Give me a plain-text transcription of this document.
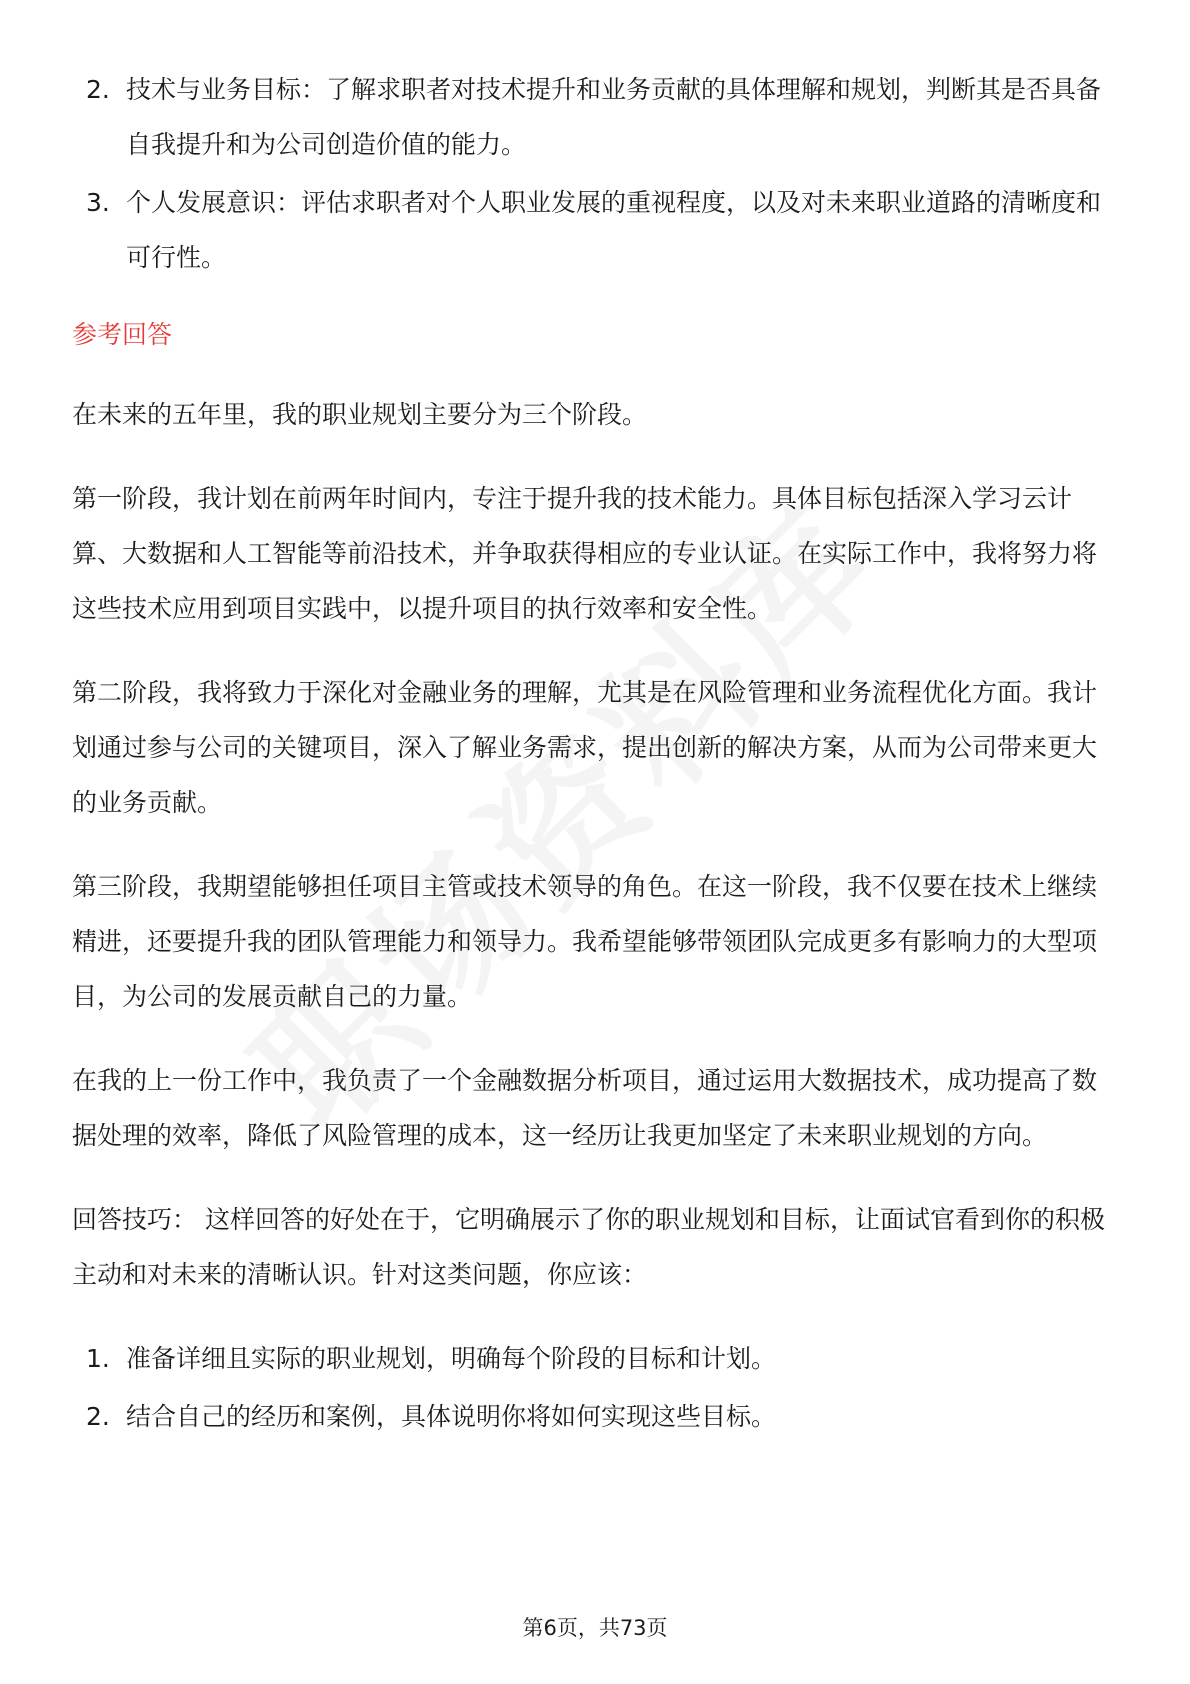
2. 技术与业务目标：了解求职者对技术提升和业务贡献的具体理解和规划，判断其是否具备自我提升和为公司创造价值的能力。
3. 个人发展意识：评估求职者对个人职业发展的重视程度，以及对未来职业道路的清晰度和可行性。
参考回答

在未来的五年里，我的职业规划主要分为三个阶段。

第一阶段，我计划在前两年时间内，专注于提升我的技术能力。具体目标包括深入学习云计算、大数据和人工智能等前沿技术，并争取获得相应的专业认证。在实际工作中，我将努力将这些技术应用到项目实践中，以提升项目的执行效率和安全性。

第二阶段，我将致力于深化对金融业务的理解，尤其是在风险管理和业务流程优化方面。我计划通过参与公司的关键项目，深入了解业务需求，提出创新的解决方案，从而为公司带来更大的业务贡献。

第三阶段，我期望能够担任项目主管或技术领导的角色。在这一阶段，我不仅要在技术上继续精进，还要提升我的团队管理能力和领导力。我希望能够带领团队完成更多有影响力的大型项目，为公司的发展贡献自己的力量。

在我的上一份工作中，我负责了一个金融数据分析项目，通过运用大数据技术，成功提高了数据处理的效率，降低了风险管理的成本，这一经历让我更加坚定了未来职业规划的方向。

回答技巧： 这样回答的好处在于，它明确展示了你的职业规划和目标，让面试官看到你的积极主动和对未来的清晰认识。针对这类问题，你应该：

1. 准备详细且实际的职业规划，明确每个阶段的目标和计划。
2. 结合自己的经历和案例，具体说明你将如何实现这些目标。
第6页，共73页
